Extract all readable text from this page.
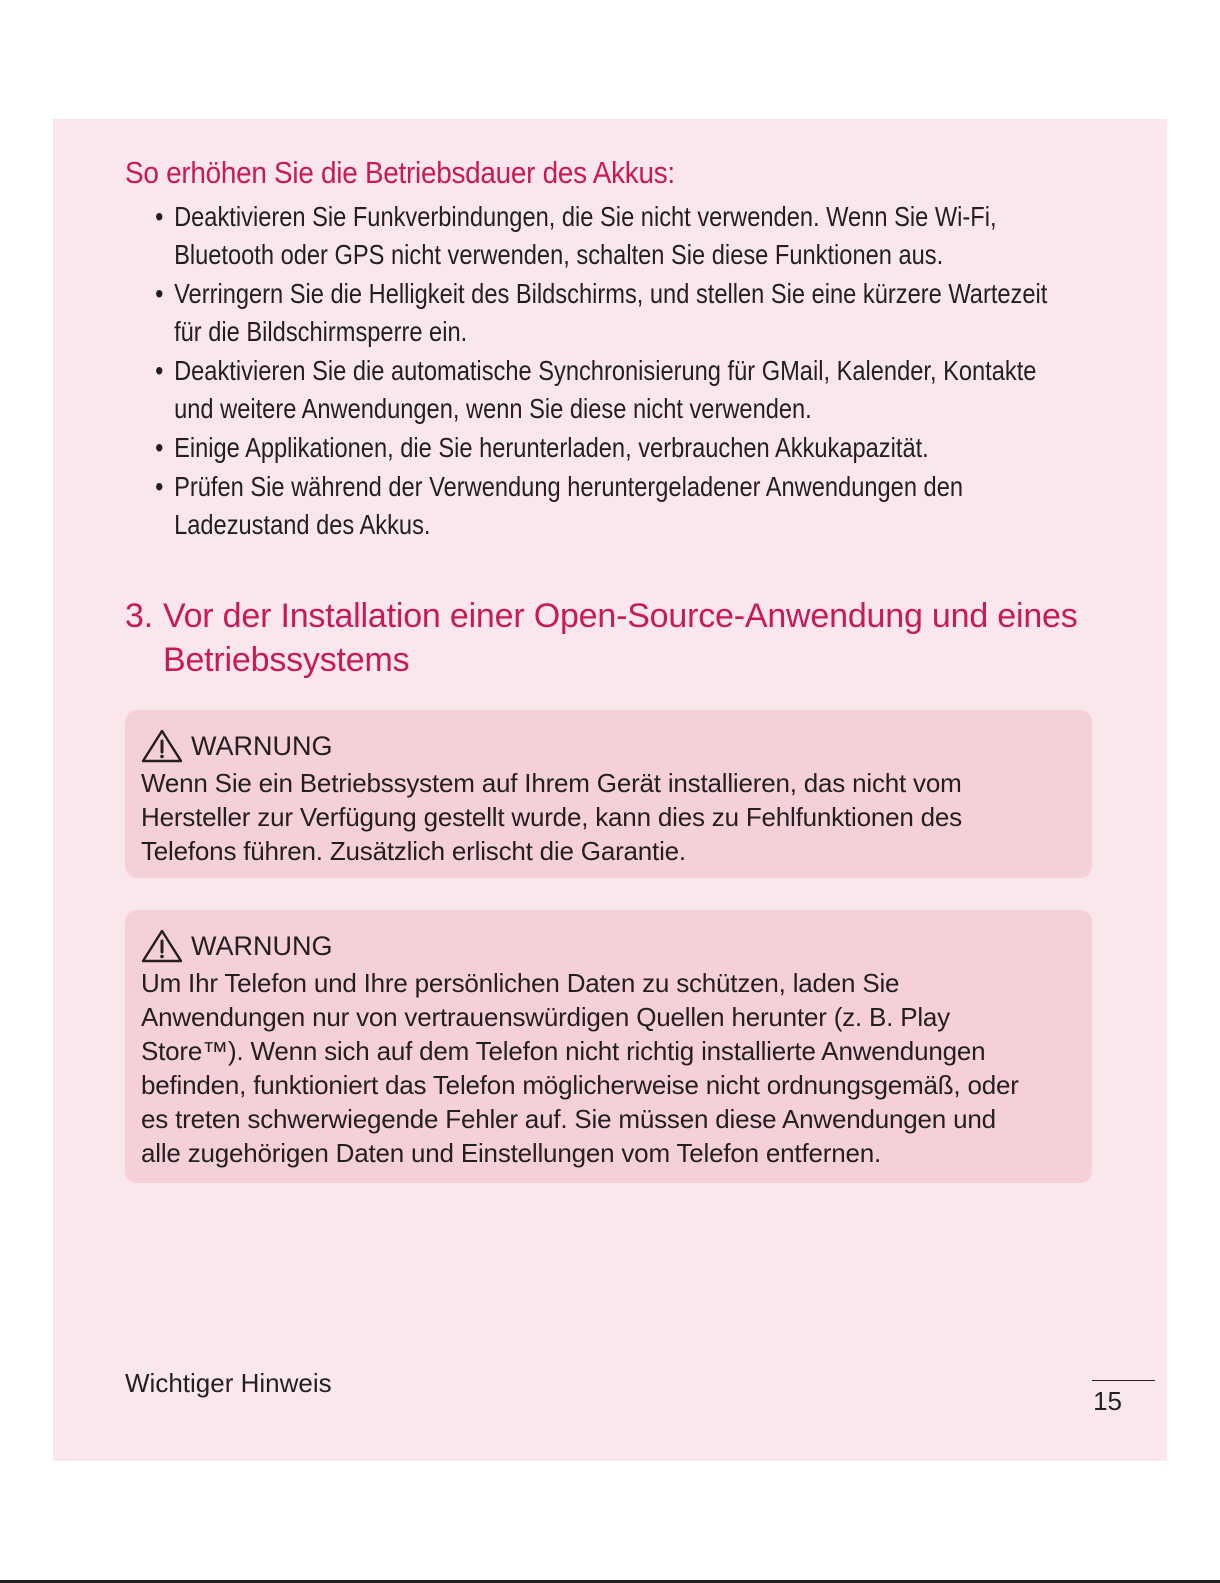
So erhöhen Sie die Betriebsdauer des Akkus:
• Deaktivieren Sie Funkverbindungen, die Sie nicht verwenden. Wenn Sie Wi-Fi,
Bluetooth oder GPS nicht verwenden, schalten Sie diese Funktionen aus.
• Verringern Sie die Helligkeit des Bildschirms, und stellen Sie eine kürzere Wartezeit
für die Bildschirmsperre ein.
• Deaktivieren Sie die automatische Synchronisierung für GMail, Kalender, Kontakte
und weitere Anwendungen, wenn Sie diese nicht verwenden.
• Einige Applikationen, die Sie herunterladen, verbrauchen Akkukapazität.
• Prüfen Sie während der Verwendung heruntergeladener Anwendungen den
Ladezustand des Akkus.
3. Vor der Installation einer Open-Source-Anwendung und eines
Betriebssystems
WARNUNG
Wenn Sie ein Betriebssystem auf Ihrem Gerät installieren, das nicht vom
Hersteller zur Verfügung gestellt wurde, kann dies zu Fehlfunktionen des
Telefons führen. Zusätzlich erlischt die Garantie.
WARNUNG
Um Ihr Telefon und Ihre persönlichen Daten zu schützen, laden Sie
Anwendungen nur von vertrauenswürdigen Quellen herunter (z. B. Play
Store™). Wenn sich auf dem Telefon nicht richtig installierte Anwendungen
befinden, funktioniert das Telefon möglicherweise nicht ordnungsgemäß, oder
es treten schwerwiegende Fehler auf. Sie müssen diese Anwendungen und
alle zugehörigen Daten und Einstellungen vom Telefon entfernen.
Wichtiger Hinweis
15
